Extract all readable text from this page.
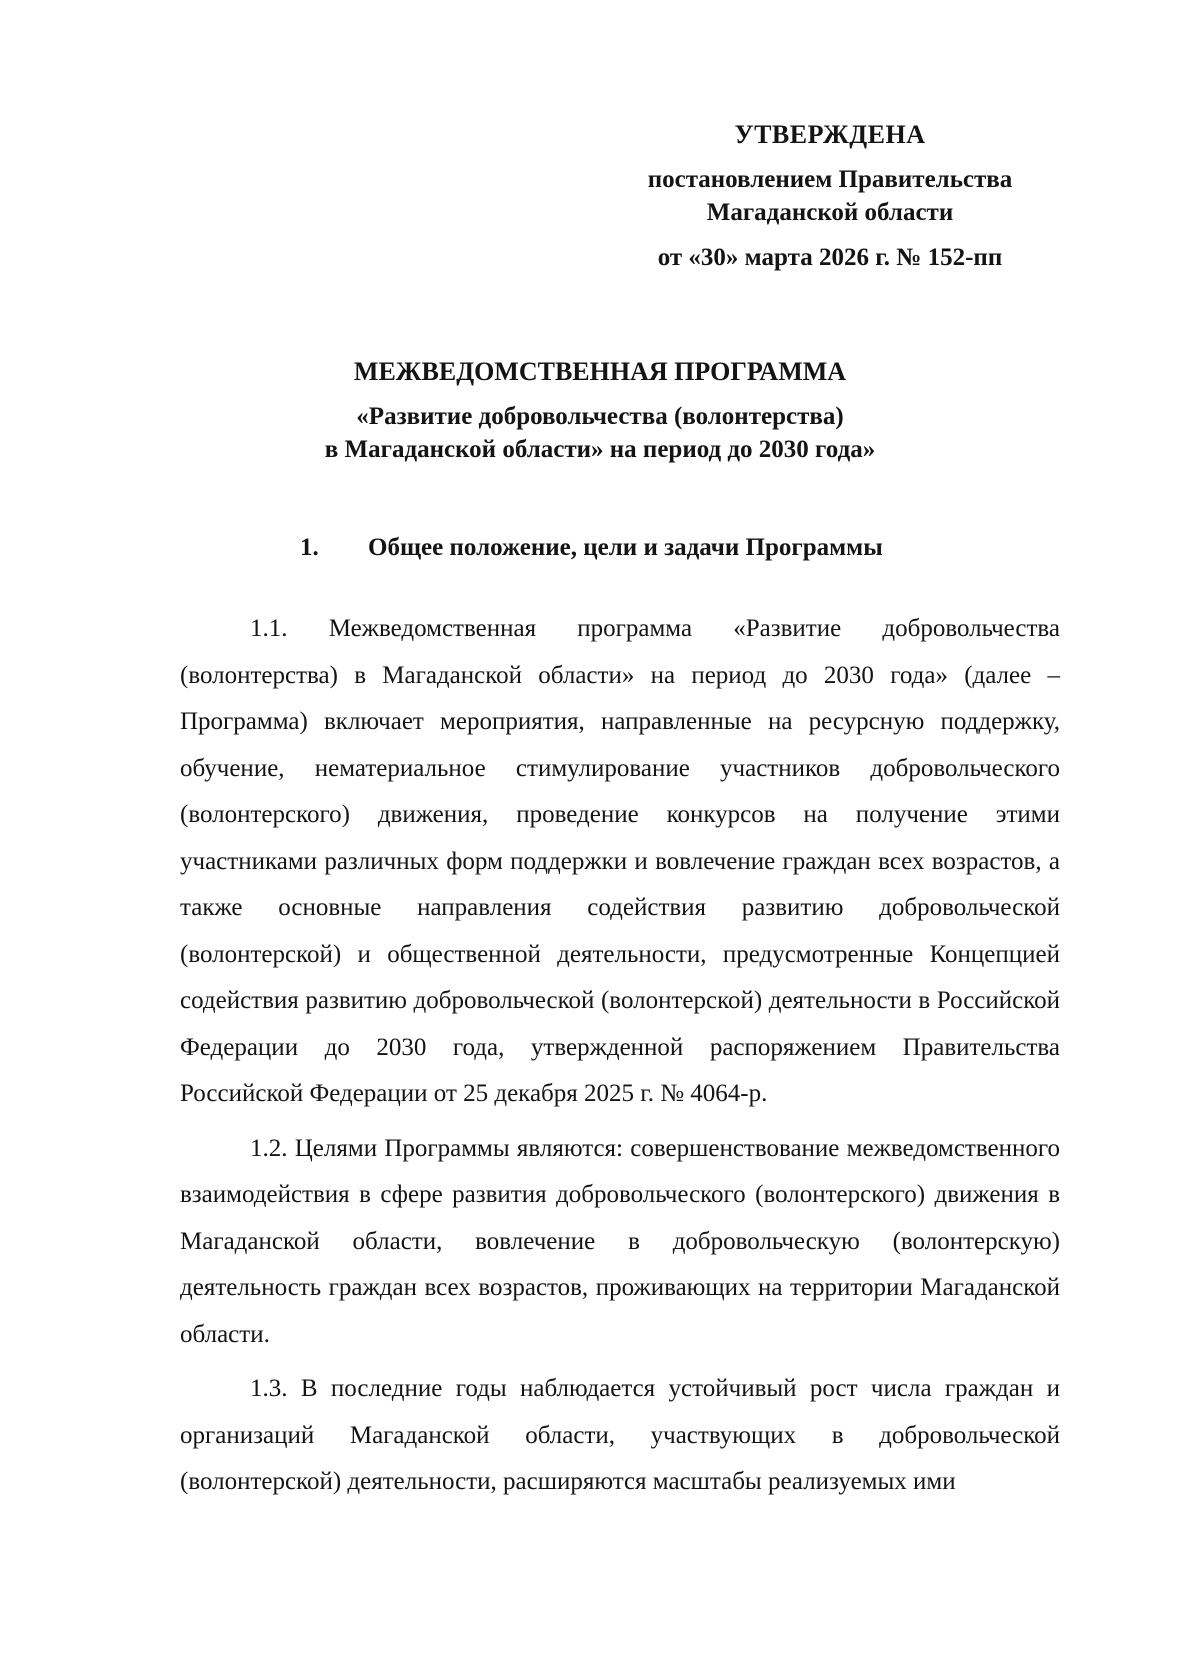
УТВЕРЖДЕНА
постановлением Правительства
Магаданской области
от «30» марта 2026 г. № 152-пп
МЕЖВЕДОМСТВЕННАЯ ПРОГРАММА
«Развитие добровольчества (волонтерства)
в Магаданской области» на период до 2030 года»
1. Общее положение, цели и задачи Программы

1.1. Межведомственная программа «Развитие добровольчества (волонтерства) в Магаданской области» на период до 2030 года» (далее – Программа) включает мероприятия, направленные на ресурсную поддержку, обучение, нематериальное стимулирование участников добровольческого (волонтерского) движения, проведение конкурсов на получение этими участниками различных форм поддержки и вовлечение граждан всех возрастов, а также основные направления содействия развитию добровольческой (волонтерской) и общественной деятельности, предусмотренные Концепцией содействия развитию добровольческой (волонтерской) деятельности в Российской Федерации до 2030 года, утвержденной распоряжением Правительства Российской Федерации от 25 декабря 2025 г. № 4064-р.

1.2. Целями Программы являются: совершенствование межведомственного взаимодействия в сфере развития добровольческого (волонтерского) движения в Магаданской области, вовлечение в добровольческую (волонтерскую) деятельность граждан всех возрастов, проживающих на территории Магаданской области.

1.3. В последние годы наблюдается устойчивый рост числа граждан и организаций Магаданской области, участвующих в добровольческой (волонтерской) деятельности, расширяются масштабы реализуемых ими
